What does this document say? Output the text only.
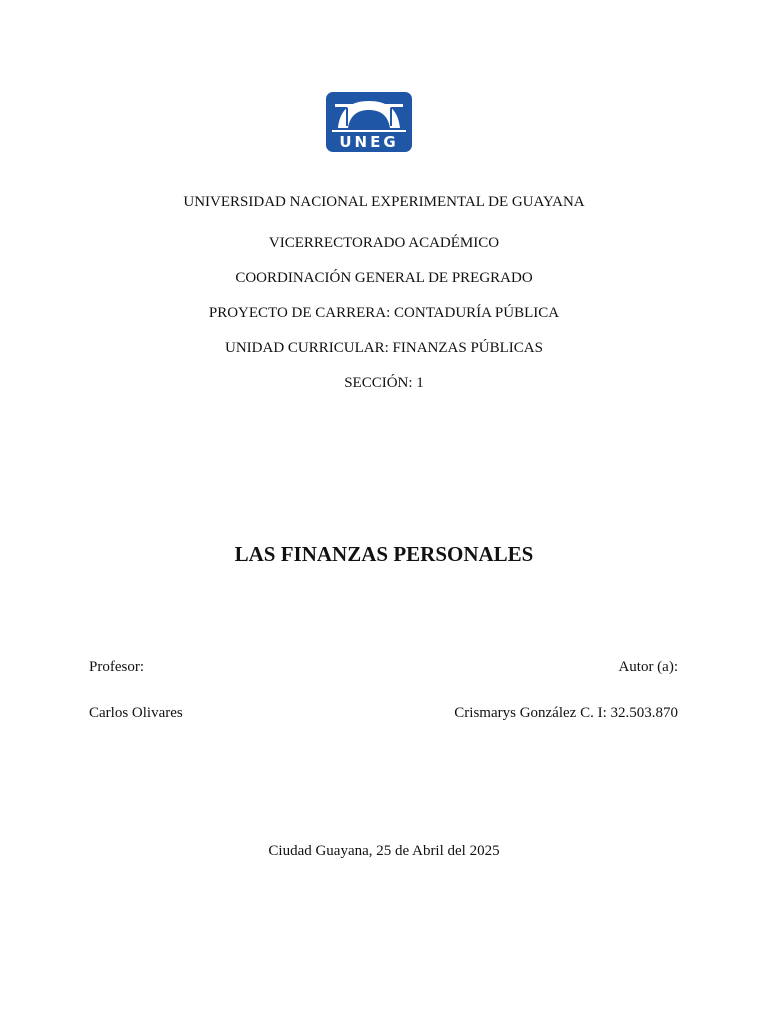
UNEG
UNIVERSIDAD NACIONAL EXPERIMENTAL DE GUAYANA
VICERRECTORADO ACADÉMICO
COORDINACIÓN GENERAL DE PREGRADO
PROYECTO DE CARRERA: CONTADURÍA PÚBLICA
UNIDAD CURRICULAR: FINANZAS PÚBLICAS
SECCIÓN: 1
LAS FINANZAS PERSONALES
Profesor:	Autor (a):
Carlos Olivares	Crismarys González C. I: 32.503.870
Ciudad Guayana, 25 de Abril del 2025
